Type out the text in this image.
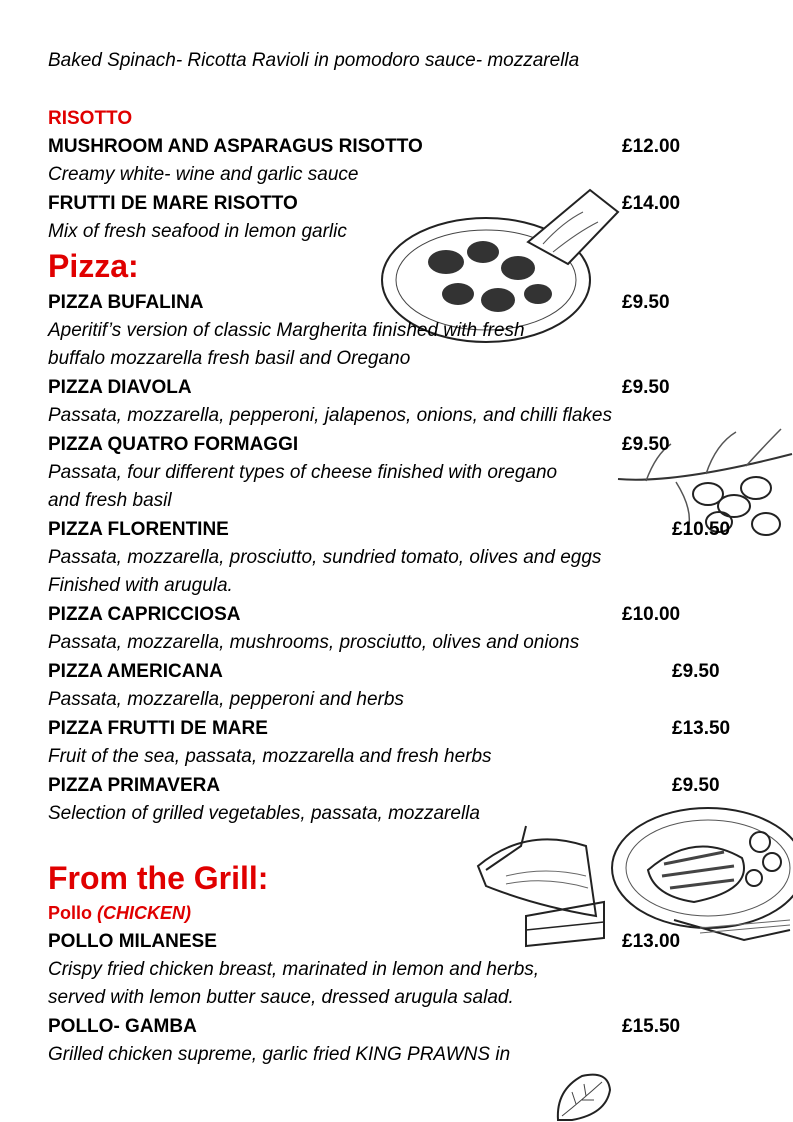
Baked Spinach- Ricotta Ravioli in pomodoro sauce- mozzarella
RISOTTO
MUSHROOM AND ASPARAGUS RISOTTO	£12.00
Creamy white- wine and garlic sauce
FRUTTI DE MARE RISOTTO	£14.00
Mix of fresh seafood in lemon garlic
Pizza:
PIZZA BUFALINA	£9.50
Aperitif’s version of classic Margherita finished with fresh
buffalo mozzarella fresh basil and Oregano
PIZZA DIAVOLA	£9.50
Passata, mozzarella, pepperoni, jalapenos, onions, and chilli flakes
PIZZA QUATRO FORMAGGI	£9.50
Passata, four different types of cheese finished with oregano
and fresh basil
PIZZA FLORENTINE	£10.50
Passata, mozzarella, prosciutto, sundried tomato, olives and eggs
Finished with arugula.
PIZZA CAPRICCIOSA	£10.00
Passata, mozzarella, mushrooms, prosciutto, olives and onions
PIZZA AMERICANA	£9.50
Passata, mozzarella, pepperoni and herbs
PIZZA FRUTTI DE MARE	£13.50
Fruit of the sea, passata, mozzarella and fresh herbs
PIZZA PRIMAVERA	£9.50
Selection of grilled vegetables, passata, mozzarella
From the Grill:
Pollo (CHICKEN)
POLLO MILANESE	£13.00
Crispy fried chicken breast, marinated in lemon and herbs,
served with lemon butter sauce, dressed arugula salad.
POLLO- GAMBA	£15.50
Grilled chicken supreme, garlic fried KING PRAWNS in
